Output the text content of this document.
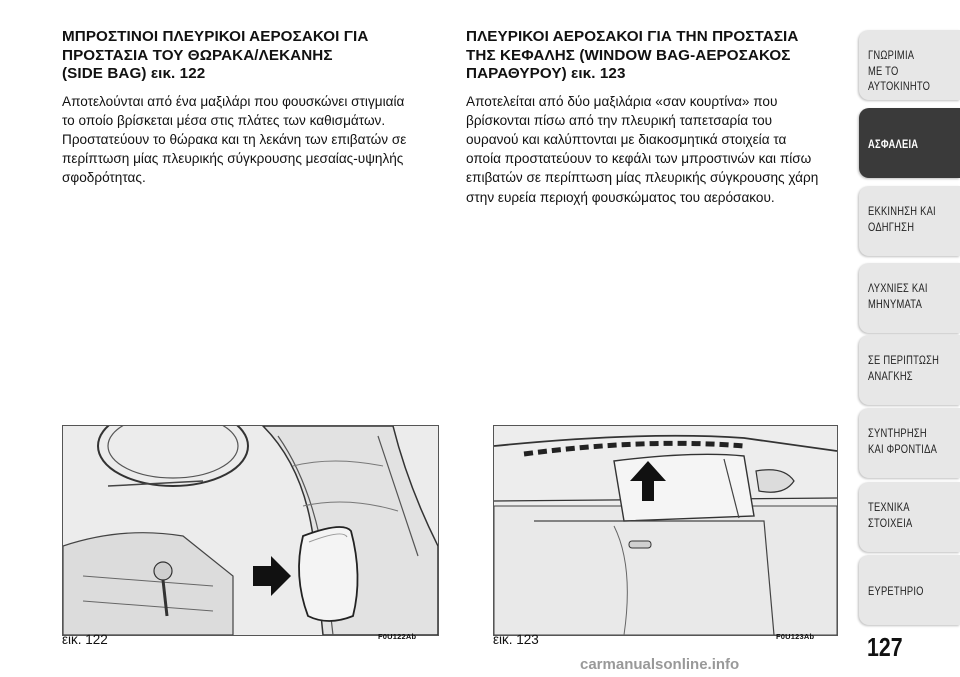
ΜΠΡΟΣΤΙΝΟΙ ΠΛΕΥΡΙΚΟΙ ΑΕΡΟΣΑΚΟΙ ΓΙΑ
ΠΡΟΣΤΑΣΙΑ ΤΟΥ ΘΩΡΑΚΑ/ΛΕΚΑΝΗΣ
(SIDE BAG) εικ. 122

Αποτελούνται από ένα μαξιλάρι που φουσκώνει στιγμιαία
το οποίο βρίσκεται μέσα στις πλάτες των καθισμάτων.
Προστατεύουν το θώρακα και τη λεκάνη των επιβατών σε
περίπτωση μίας πλευρικής σύγκρουσης μεσαίας-υψηλής
σφοδρότητας.

ΠΛΕΥΡΙΚΟΙ ΑΕΡΟΣΑΚΟΙ ΓΙΑ ΤΗΝ ΠΡΟΣΤΑΣΙΑ
ΤΗΣ ΚΕΦΑΛΗΣ (WINDOW BAG-ΑΕΡΟΣΑΚΟΣ
ΠΑΡΑΘΥΡΟΥ) εικ. 123

Αποτελείται από δύο μαξιλάρια «σαν κουρτίνα» που
βρίσκονται πίσω από την πλευρική ταπετσαρία του
ουρανού και καλύπτονται με διακοσμητικά στοιχεία τα
οποία προστατεύουν το κεφάλι των μπροστινών και πίσω
επιβατών σε περίπτωση μίας πλευρικής σύγκρουσης χάρη
στην ευρεία περιοχή φουσκώματος του αερόσακου.

εικ. 122	F0U122Ab	εικ. 123	F0U123Ab
ΓΝΩΡΙΜΙΑ
ΜΕ ΤΟ
ΑΥΤΟΚΙΝΗΤΟ
ΑΣΦΑΛΕΙΑ
ΕΚΚΙΝΗΣΗ ΚΑΙ
ΟΔΗΓΗΣΗ
ΛΥΧΝΙΕΣ ΚΑΙ
ΜΗΝΥΜΑΤΑ
ΣΕ ΠΕΡΙΠΤΩΣΗ
ΑΝΑΓΚΗΣ
ΣΥΝΤΗΡΗΣΗ
ΚΑΙ ΦΡΟΝΤΙΔΑ
ΤΕΧΝΙΚΑ
ΣΤΟΙΧΕΙΑ
ΕΥΡΕΤΗΡΙΟ
127
carmanualsonline.info
